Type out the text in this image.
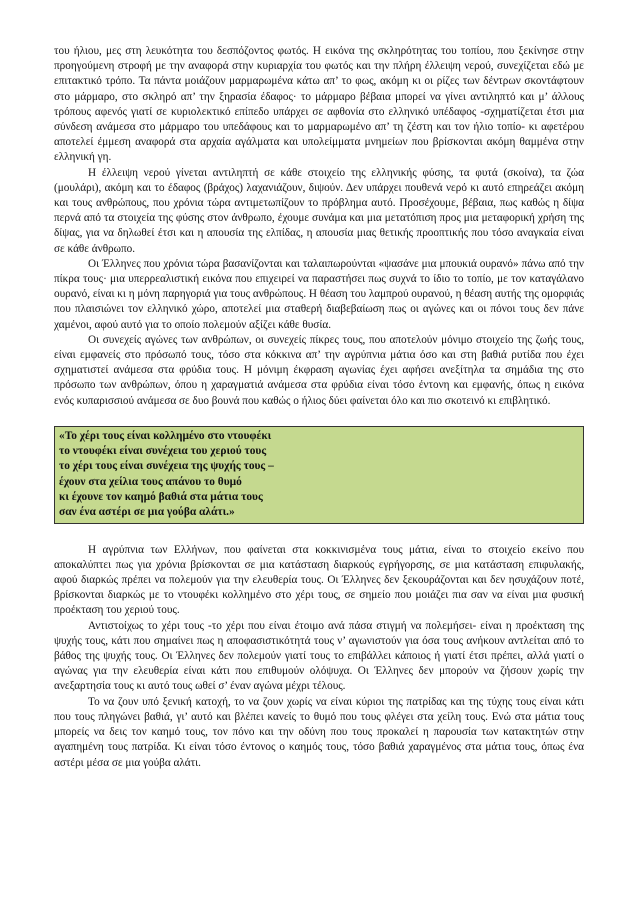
του ήλιου, μες στη λευκότητα του δεσπόζοντος φωτός. Η εικόνα της σκληρότητας του τοπίου, που ξεκίνησε στην προηγούμενη στροφή με την αναφορά στην κυριαρχία του φωτός και την πλήρη έλλειψη νερού, συνεχίζεται εδώ με επιτακτικό τρόπο. Τα πάντα μοιάζουν μαρμαρωμένα κάτω απ’ το φως, ακόμη κι οι ρίζες των δέντρων σκοντάφτουν στο μάρμαρο, στο σκληρό απ’ την ξηρασία έδαφος· το μάρμαρο βέβαια μπορεί να γίνει αντιληπτό και μ’ άλλους τρόπους αφενός γιατί σε κυριολεκτικό επίπεδο υπάρχει σε αφθονία στο ελληνικό υπέδαφος -σχηματίζεται έτσι μια σύνδεση ανάμεσα στο μάρμαρο του υπεδάφους και το μαρμαρωμένο απ’ τη ζέστη και τον ήλιο τοπίο- κι αφετέρου αποτελεί έμμεση αναφορά στα αρχαία αγάλματα και υπολείμματα μνημείων που βρίσκονται ακόμη θαμμένα στην ελληνική γη.

Η έλλειψη νερού γίνεται αντιληπτή σε κάθε στοιχείο της ελληνικής φύσης, τα φυτά (σκοίνα), τα ζώα (μουλάρι), ακόμη και το έδαφος (βράχος) λαχανιάζουν, διψούν. Δεν υπάρχει πουθενά νερό κι αυτό επηρεάζει ακόμη και τους ανθρώπους, που χρόνια τώρα αντιμετωπίζουν το πρόβλημα αυτό. Προσέχουμε, βέβαια, πως καθώς η δίψα περνά από τα στοιχεία της φύσης στον άνθρωπο, έχουμε συνάμα και μια μετατόπιση προς μια μεταφορική χρήση της δίψας, για να δηλωθεί έτσι και η απουσία της ελπίδας, η απουσία μιας θετικής προοπτικής που τόσο αναγκαία είναι σε κάθε άνθρωπο.

Οι Έλληνες που χρόνια τώρα βασανίζονται και ταλαιπωρούνται «ψασάνε μια μπουκιά ουρανό» πάνω από την πίκρα τους· μια υπερρεαλιστική εικόνα που επιχειρεί να παραστήσει πως συχνά το ίδιο το τοπίο, με τον καταγάλανο ουρανό, είναι κι η μόνη παρηγοριά για τους ανθρώπους. Η θέαση του λαμπρού ουρανού, η θέαση αυτής της ομορφιάς που πλαισιώνει τον ελληνικό χώρο, αποτελεί μια σταθερή διαβεβαίωση πως οι αγώνες και οι πόνοι τους δεν πάνε χαμένοι, αφού αυτό για το οποίο πολεμούν αξίζει κάθε θυσία.

Οι συνεχείς αγώνες των ανθρώπων, οι συνεχείς πίκρες τους, που αποτελούν μόνιμο στοιχείο της ζωής τους, είναι εμφανείς στο πρόσωπό τους, τόσο στα κόκκινα απ’ την αγρύπνια μάτια όσο και στη βαθιά ρυτίδα που έχει σχηματιστεί ανάμεσα στα φρύδια τους. Η μόνιμη έκφραση αγωνίας έχει αφήσει ανεξίτηλα τα σημάδια της στο πρόσωπο των ανθρώπων, όπου η χαραγματιά ανάμεσα στα φρύδια είναι τόσο έντονη και εμφανής, όπως η εικόνα ενός κυπαρισσιού ανάμεσα σε δυο βουνά που καθώς ο ήλιος δύει φαίνεται όλο και πιο σκοτεινό κι επιβλητικό.

«Το χέρι τους είναι κολλημένο στο ντουφέκι
το ντουφέκι είναι συνέχεια του χεριού τους
το χέρι τους είναι συνέχεια της ψυχής τους –
έχουν στα χείλια τους απάνου το θυμό
κι έχουνε τον καημό βαθιά στα μάτια τους
σαν ένα αστέρι σε μια γούβα αλάτι.»

Η αγρύπνια των Ελλήνων, που φαίνεται στα κοκκινισμένα τους μάτια, είναι το στοιχείο εκείνο που αποκαλύπτει πως για χρόνια βρίσκονται σε μια κατάσταση διαρκούς εγρήγορσης, σε μια κατάσταση επιφυλακής, αφού διαρκώς πρέπει να πολεμούν για την ελευθερία τους. Οι Έλληνες δεν ξεκουράζονται και δεν ησυχάζουν ποτέ, βρίσκονται διαρκώς με το ντουφέκι κολλημένο στο χέρι τους, σε σημείο που μοιάζει πια σαν να είναι μια φυσική προέκταση του χεριού τους.

Αντιστοίχως το χέρι τους -το χέρι που είναι έτοιμο ανά πάσα στιγμή να πολεμήσει- είναι η προέκταση της ψυχής τους, κάτι που σημαίνει πως η αποφασιστικότητά τους ν’ αγωνιστούν για όσα τους ανήκουν αντλείται από το βάθος της ψυχής τους. Οι Έλληνες δεν πολεμούν γιατί τους το επιβάλλει κάποιος ή γιατί έτσι πρέπει, αλλά γιατί ο αγώνας για την ελευθερία είναι κάτι που επιθυμούν ολόψυχα. Οι Έλληνες δεν μπορούν να ζήσουν χωρίς την ανεξαρτησία τους κι αυτό τους ωθεί σ’ έναν αγώνα μέχρι τέλους.

Το να ζουν υπό ξενική κατοχή, το να ζουν χωρίς να είναι κύριοι της πατρίδας και της τύχης τους είναι κάτι που τους πληγώνει βαθιά, γι’ αυτό και βλέπει κανείς το θυμό που τους φλέγει στα χείλη τους. Ενώ στα μάτια τους μπορείς να δεις τον καημό τους, τον πόνο και την οδύνη που τους προκαλεί η παρουσία των κατακτητών στην αγαπημένη τους πατρίδα. Κι είναι τόσο έντονος ο καημός τους, τόσο βαθιά χαραγμένος στα μάτια τους, όπως ένα αστέρι μέσα σε μια γούβα αλάτι.
